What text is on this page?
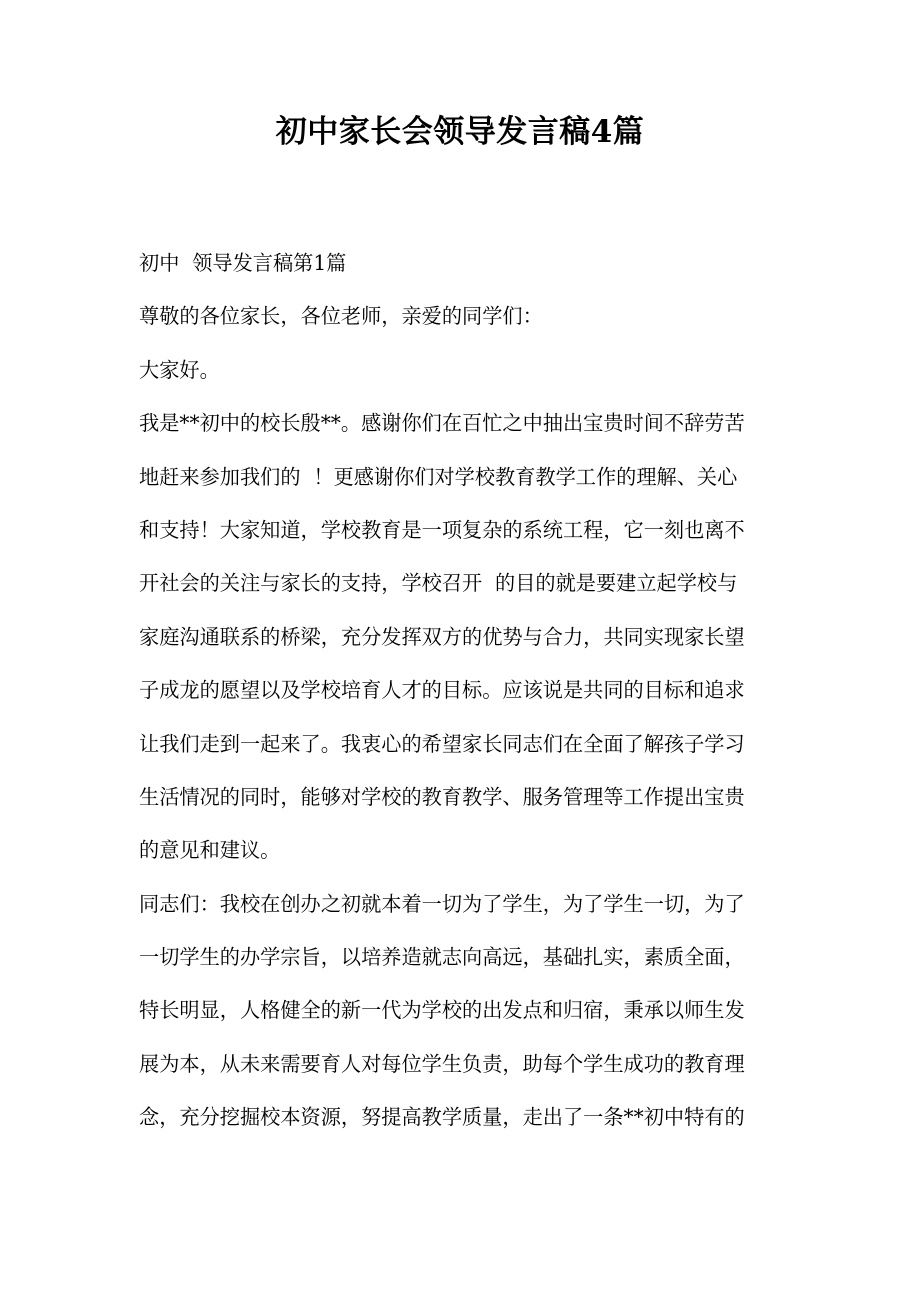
初中家长会领导发言稿4篇
初中  领导发言稿第1篇
尊敬的各位家长，各位老师，亲爱的同学们：
大家好。
我是**初中的校长殷**。感谢你们在百忙之中抽出宝贵时间不辞劳苦
地赶来参加我们的  ！更感谢你们对学校教育教学工作的理解、关心
和支持！大家知道，学校教育是一项复杂的系统工程，它一刻也离不
开社会的关注与家长的支持，学校召开  的目的就是要建立起学校与
家庭沟通联系的桥梁，充分发挥双方的优势与合力，共同实现家长望
子成龙的愿望以及学校培育人才的目标。应该说是共同的目标和追求
让我们走到一起来了。我衷心的希望家长同志们在全面了解孩子学习
生活情况的同时，能够对学校的教育教学、服务管理等工作提出宝贵
的意见和建议。
同志们：我校在创办之初就本着一切为了学生，为了学生一切，为了
一切学生的办学宗旨，以培养造就志向高远，基础扎实，素质全面，
特长明显，人格健全的新一代为学校的出发点和归宿，秉承以师生发
展为本，从未来需要育人对每位学生负责，助每个学生成功的教育理
念，充分挖掘校本资源，努提高教学质量，走出了一条**初中特有的
